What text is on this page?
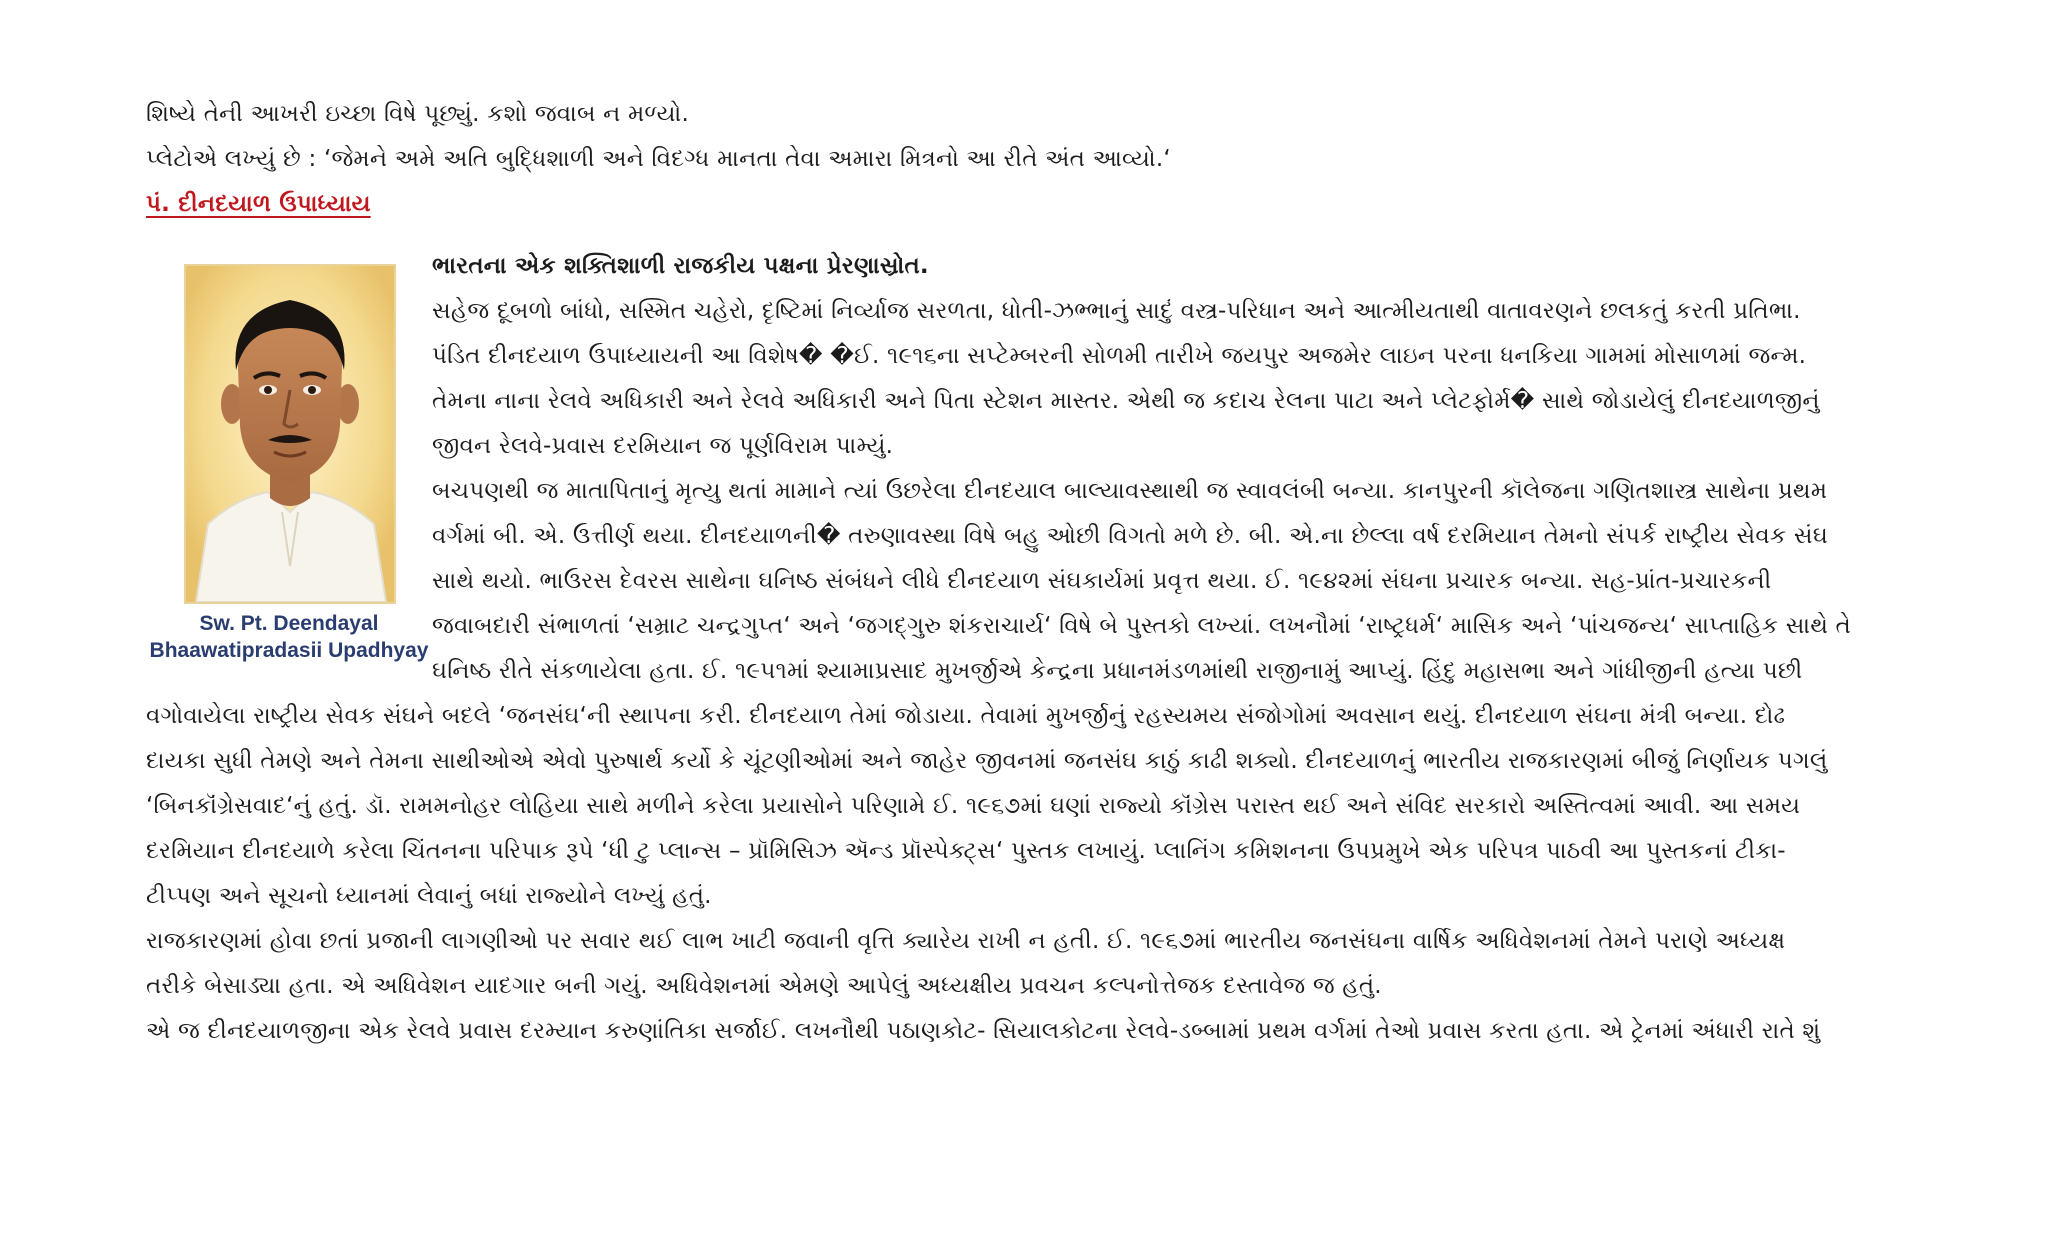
શિષ્યે તેની આખરી ઇચ્છા વિષે પૂછ્યું. કશો જવાબ ન મળ્યો.
પ્લેટોએ લખ્યું છે : ‘જેમને અમે અતિ બુદ્ધિશાળી અને વિદગ્ધ માનતા તેવા અમારા મિત્રનો આ રીતે અંત આવ્યો.‘
પં. દીનદયાળ ઉપાધ્યાય
Sw. Pt. Deendayal
Bhaawatipradasii Upadhyay
ભારતના એક શક્તિશાળી રાજકીય પક્ષના પ્રેરણાસ્રોત.
સહેજ દૂબળો બાંધો, સસ્મિત ચહેરો, દૃષ્ટિમાં નિર્વ્યાજ સરળતા, ધોતી-ઝભ્ભાનું સાદું વસ્ત્ર-પરિધાન અને આત્મીયતાથી વાતાવરણને છલકતું કરતી પ્રતિભા.
પંડિત દીનદયાળ ઉપાધ્યાયની આ વિશેષ� �ઈ. ૧૯૧૬ના સપ્ટેમ્બરની સોળમી તારીખે જયપુર અજમેર લાઇન પરના ધનકિયા ગામમાં મોસાળમાં જન્મ.
તેમના નાના રેલવે અધિકારી અને રેલવે અધિકારી અને પિતા સ્ટેશન માસ્તર. એથી જ કદાચ રેલના પાટા અને પ્લેટફોર્મ� સાથે જોડાયેલું દીનદયાળજીનું
જીવન રેલવે-પ્રવાસ દરમિયાન જ પૂર્ણવિરામ પામ્યું.
બચપણથી જ માતાપિતાનું મૃત્યુ થતાં મામાને ત્યાં ઉછરેલા દીનદયાલ બાલ્યાવસ્થાથી જ સ્વાવલંબી બન્યા. કાનપુરની કૉલેજના ગણિતશાસ્ત્ર સાથેના પ્રથમ
વર્ગમાં બી. એ. ઉત્તીર્ણ થયા. દીનદયાળની� તરુણાવસ્થા વિષે બહુ ઓછી વિગતો મળે છે. બી. એ.ના છેલ્લા વર્ષ દરમિયાન તેમનો સંપર્ક રાષ્ટ્રીય સેવક સંઘ
સાથે થયો. ભાઉરસ દેવરસ સાથેના ઘનિષ્ઠ સંબંધને લીધે દીનદયાળ સંઘકાર્યમાં પ્રવૃત્ત થયા. ઈ. ૧૯૪૨માં સંઘના પ્રચારક બન્યા. સહ-પ્રાંત-પ્રચારકની
જવાબદારી સંભાળતાં ‘સમ્રાટ ચન્દ્રગુપ્ત‘ અને ‘જગદ્ગુરુ શંકરાચાર્ય‘ વિષે બે પુસ્તકો લખ્યાં. લખનૌમાં ‘રાષ્ટ્રધર્મ‘ માસિક અને ‘પાંચજન્ય‘ સાપ્તાહિક સાથે તે
ઘનિષ્ઠ રીતે સંકળાયેલા હતા. ઈ. ૧૯૫૧માં શ્યામાપ્રસાદ મુખર્જીએ કેન્દ્રના પ્રધાનમંડળમાંથી રાજીનામું આપ્યું. હિંદુ મહાસભા અને ગાંધીજીની હત્યા પછી
વગોવાયેલા રાષ્ટ્રીય સેવક સંઘને બદલે ‘જનસંઘ‘ની સ્થાપના કરી. દીનદયાળ તેમાં જોડાયા. તેવામાં મુખર્જીનું રહસ્યમય સંજોગોમાં અવસાન થયું. દીનદયાળ સંઘના મંત્રી બન્યા. દોઢ
દાયકા સુધી તેમણે અને તેમના સાથીઓએ એવો પુરુષાર્થ કર્યો કે ચૂંટણીઓમાં અને જાહેર જીવનમાં જનસંઘ કાઠું કાઢી શક્યો. દીનદયાળનું ભારતીય રાજકારણમાં બીજું નિર્ણાયક પગલું
‘બિનકૉંગ્રેસવાદ‘નું હતું. ડૉ. રામમનોહર લોહિયા સાથે મળીને કરેલા પ્રયાસોને પરિણામે ઈ. ૧૯૬૭માં ઘણાં રાજ્યો કૉંગ્રેસ પરાસ્ત થઈ અને સંવિદ સરકારો અસ્તિત્વમાં આવી. આ સમય
દરમિયાન દીનદયાળે કરેલા ચિંતનના પરિપાક રૂપે ‘ધી ટુ પ્લાન્સ – પ્રૉમિસિઝ ઍન્ડ પ્રૉસ્પેક્ટ્સ‘ પુસ્તક લખાયું. પ્લાનિંગ કમિશનના ઉપપ્રમુખે એક પરિપત્ર પાઠવી આ પુસ્તકનાં ટીકા-
ટીપ્પણ અને સૂચનો ધ્યાનમાં લેવાનું બધાં રાજ્યોને લખ્યું હતું.
રાજકારણમાં હોવા છતાં પ્રજાની લાગણીઓ પર સવાર થઈ લાભ ખાટી જવાની વૃત્તિ ક્યારેય રાખી ન હતી. ઈ. ૧૯૬૭માં ભારતીય જનસંઘના વાર્ષિક અધિવેશનમાં તેમને પરાણે અધ્યક્ષ
તરીકે બેસાડ્યા હતા. એ અધિવેશન યાદગાર બની ગયું. અધિવેશનમાં એમણે આપેલું અધ્યક્ષીય પ્રવચન કલ્પનોત્તેજક દસ્તાવેજ જ હતું.
એ જ દીનદયાળજીના એક રેલવે પ્રવાસ દરમ્યાન કરુણાંતિકા સર્જાઈ. લખનૌથી પઠાણકોટ- સિયાલકોટના રેલવે-ડબ્બામાં પ્રથમ વર્ગમાં તેઓ પ્રવાસ કરતા હતા. એ ટ્રેનમાં અંધારી રાતે શું
